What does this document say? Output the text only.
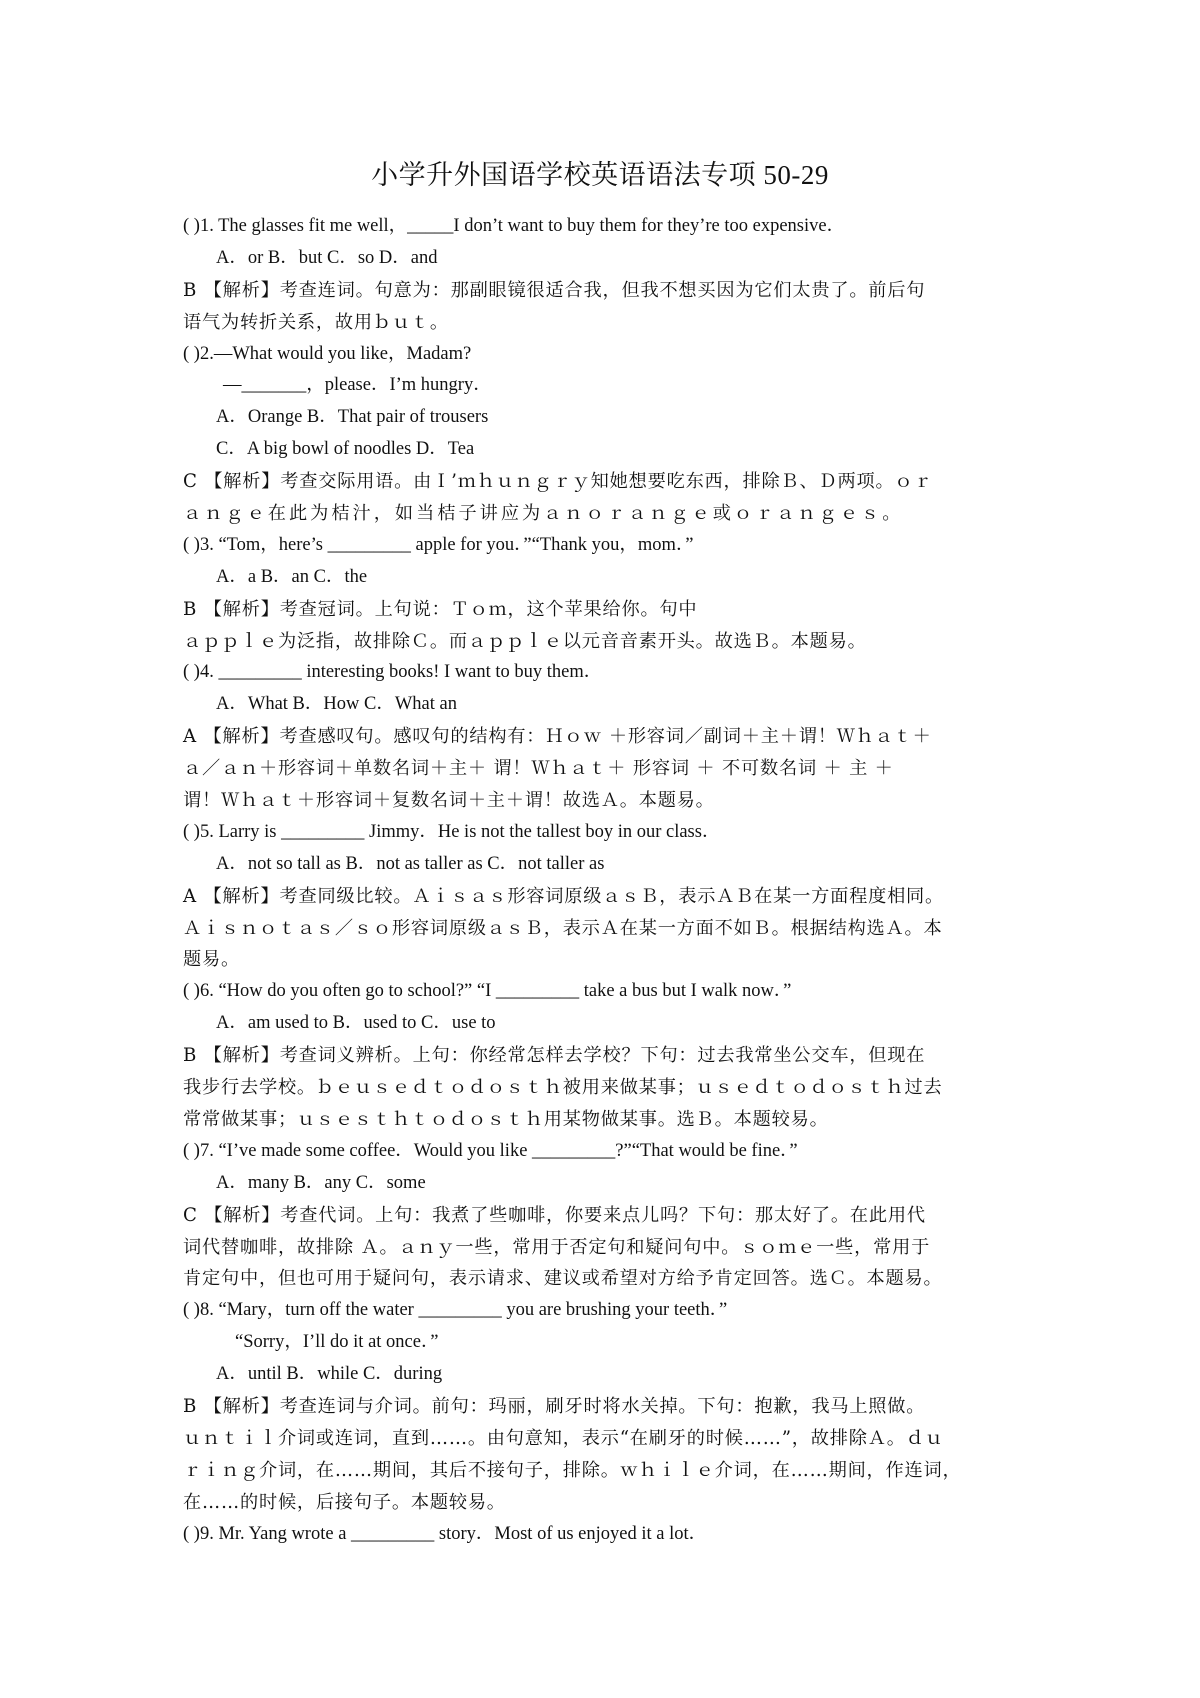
小学升外国语学校英语语法专项 50-29
( )1. The glasses fit me well，_____I don’t want to buy them for they’re too expensive．
A．or B．but C．so D．and
B 【解析】考查连词。句意为：那副眼镜很适合我，但我不想买因为它们太贵了。前后句
语气为转折关系，故用ｂｕｔ。
( )2.—What would you like，Madam?
—_______，please．I’m hungry．
A．Orange B．That pair of trousers
C．A big bowl of noodles D．Tea
C 【解析】考查交际用语。由Ｉ’ｍｈｕｎｇｒｙ知她想要吃东西，排除Ｂ、Ｄ两项。ｏｒ
ａｎｇｅ在此为桔汁，如当桔子讲应为ａｎｏｒａｎｇｅ或ｏｒａｎｇｅｓ。
( )3. “Tom，here’s _________ apple for you．”“Thank you，mom．”
A．a B．an C．the
B 【解析】考查冠词。上句说：Ｔｏｍ，这个苹果给你。句中
ａｐｐｌｅ为泛指，故排除Ｃ。而ａｐｐｌｅ以元音音素开头。故选Ｂ。本题易。
( )4. _________ interesting books! I want to buy them．
A．What B．How C．What an
A 【解析】考查感叹句。感叹句的结构有：Ｈｏｗ ＋形容词／副词＋主＋谓！Ｗｈａｔ＋
ａ／ａｎ＋形容词＋单数名词＋主＋ 谓！Ｗｈａｔ＋ 形容词 ＋ 不可数名词 ＋ 主 ＋
谓！Ｗｈａｔ＋形容词＋复数名词＋主＋谓！故选Ａ。本题易。
( )5. Larry is _________ Jimmy．He is not the tallest boy in our class．
A．not so tall as B．not as taller as C．not taller as
A 【解析】考查同级比较。Ａｉｓａｓ形容词原级ａｓＢ，表示ＡＢ在某一方面程度相同。
Ａｉｓｎｏｔａｓ／ｓｏ形容词原级ａｓＢ，表示Ａ在某一方面不如Ｂ。根据结构选Ａ。本
题易。
( )6. “How do you often go to school?” “I _________ take a bus but I walk now．”
A．am used to B．used to C．use to
B 【解析】考查词义辨析。上句：你经常怎样去学校？下句：过去我常坐公交车，但现在
我步行去学校。ｂｅｕｓｅｄｔｏｄｏｓｔｈ被用来做某事；ｕｓｅｄｔｏｄｏｓｔｈ过去
常常做某事；ｕｓｅｓｔｈｔｏｄｏｓｔｈ用某物做某事。选Ｂ。本题较易。
( )7. “I’ve made some coffee．Would you like _________?”“That would be fine．”
A．many B．any C．some
C 【解析】考查代词。上句：我煮了些咖啡，你要来点儿吗？下句：那太好了。在此用代
词代替咖啡，故排除 Ａ。ａｎｙ一些，常用于否定句和疑问句中。ｓｏｍｅ一些，常用于
肯定句中，但也可用于疑问句，表示请求、建议或希望对方给予肯定回答。选Ｃ。本题易。
( )8. “Mary，turn off the water _________ you are brushing your teeth．”
“Sorry，I’ll do it at once．”
A．until B．while C．during
B 【解析】考查连词与介词。前句：玛丽，刷牙时将水关掉。下句：抱歉，我马上照做。
ｕｎｔｉｌ介词或连词，直到……。由句意知，表示“在刷牙的时候……”，故排除Ａ。ｄｕ
ｒｉｎｇ介词，在……期间，其后不接句子，排除。ｗｈｉｌｅ介词，在……期间，作连词，
在……的时候，后接句子。本题较易。
( )9. Mr. Yang wrote a _________ story．Most of us enjoyed it a lot．
